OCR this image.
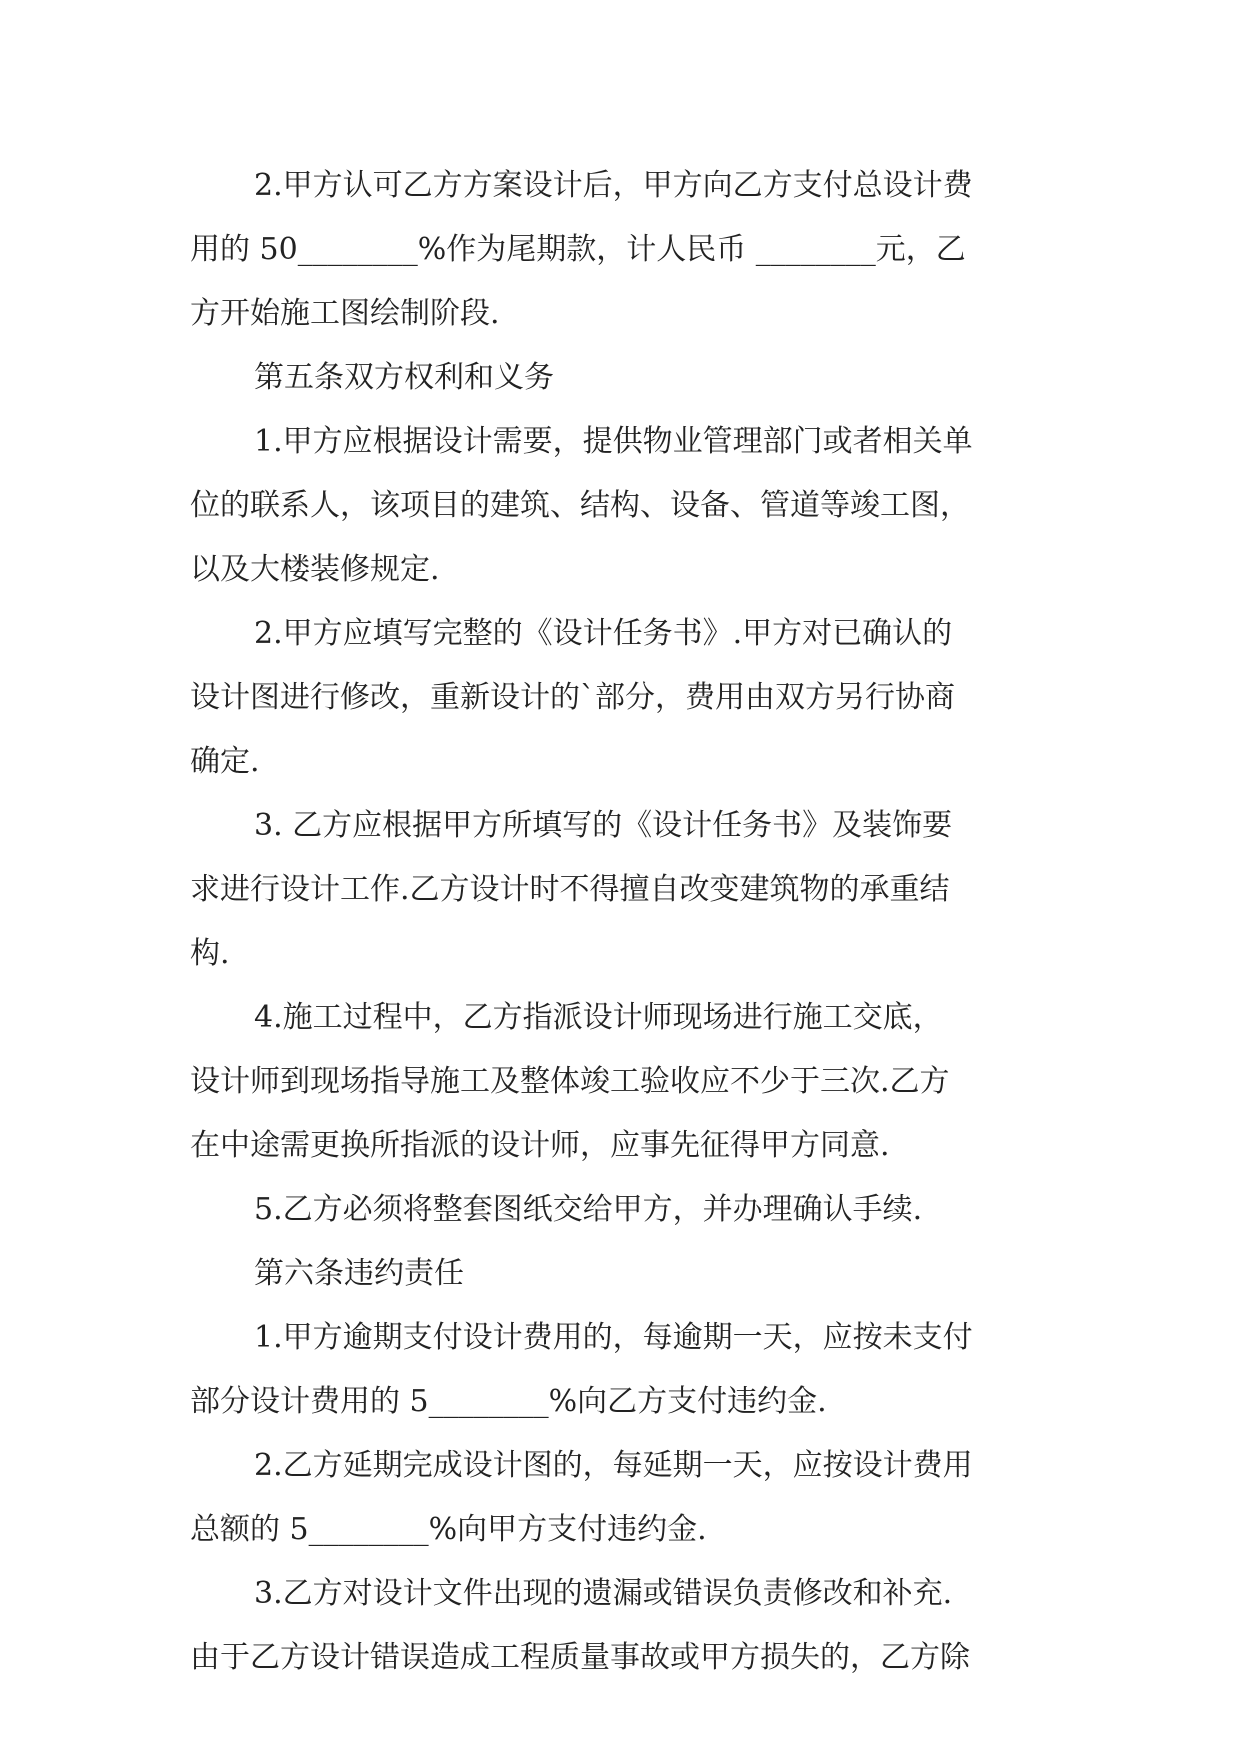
2.甲方认可乙方方案设计后，甲方向乙方支付总设计费

用的 50________%作为尾期款，计人民币 ________元，乙

方开始施工图绘制阶段.

第五条双方权利和义务

1.甲方应根据设计需要，提供物业管理部门或者相关单

位的联系人，该项目的建筑、结构、设备、管道等竣工图，

以及大楼装修规定.

2.甲方应填写完整的《设计任务书》.甲方对已确认的

设计图进行修改，重新设计的`部分，费用由双方另行协商

确定.

3. 乙方应根据甲方所填写的《设计任务书》及装饰要

求进行设计工作.乙方设计时不得擅自改变建筑物的承重结

构.

4.施工过程中，乙方指派设计师现场进行施工交底，

设计师到现场指导施工及整体竣工验收应不少于三次.乙方

在中途需更换所指派的设计师，应事先征得甲方同意.

5.乙方必须将整套图纸交给甲方，并办理确认手续.

第六条违约责任

1.甲方逾期支付设计费用的，每逾期一天，应按未支付

部分设计费用的 5________%向乙方支付违约金.

2.乙方延期完成设计图的，每延期一天，应按设计费用

总额的 5________%向甲方支付违约金.

3.乙方对设计文件出现的遗漏或错误负责修改和补充.

由于乙方设计错误造成工程质量事故或甲方损失的，乙方除
